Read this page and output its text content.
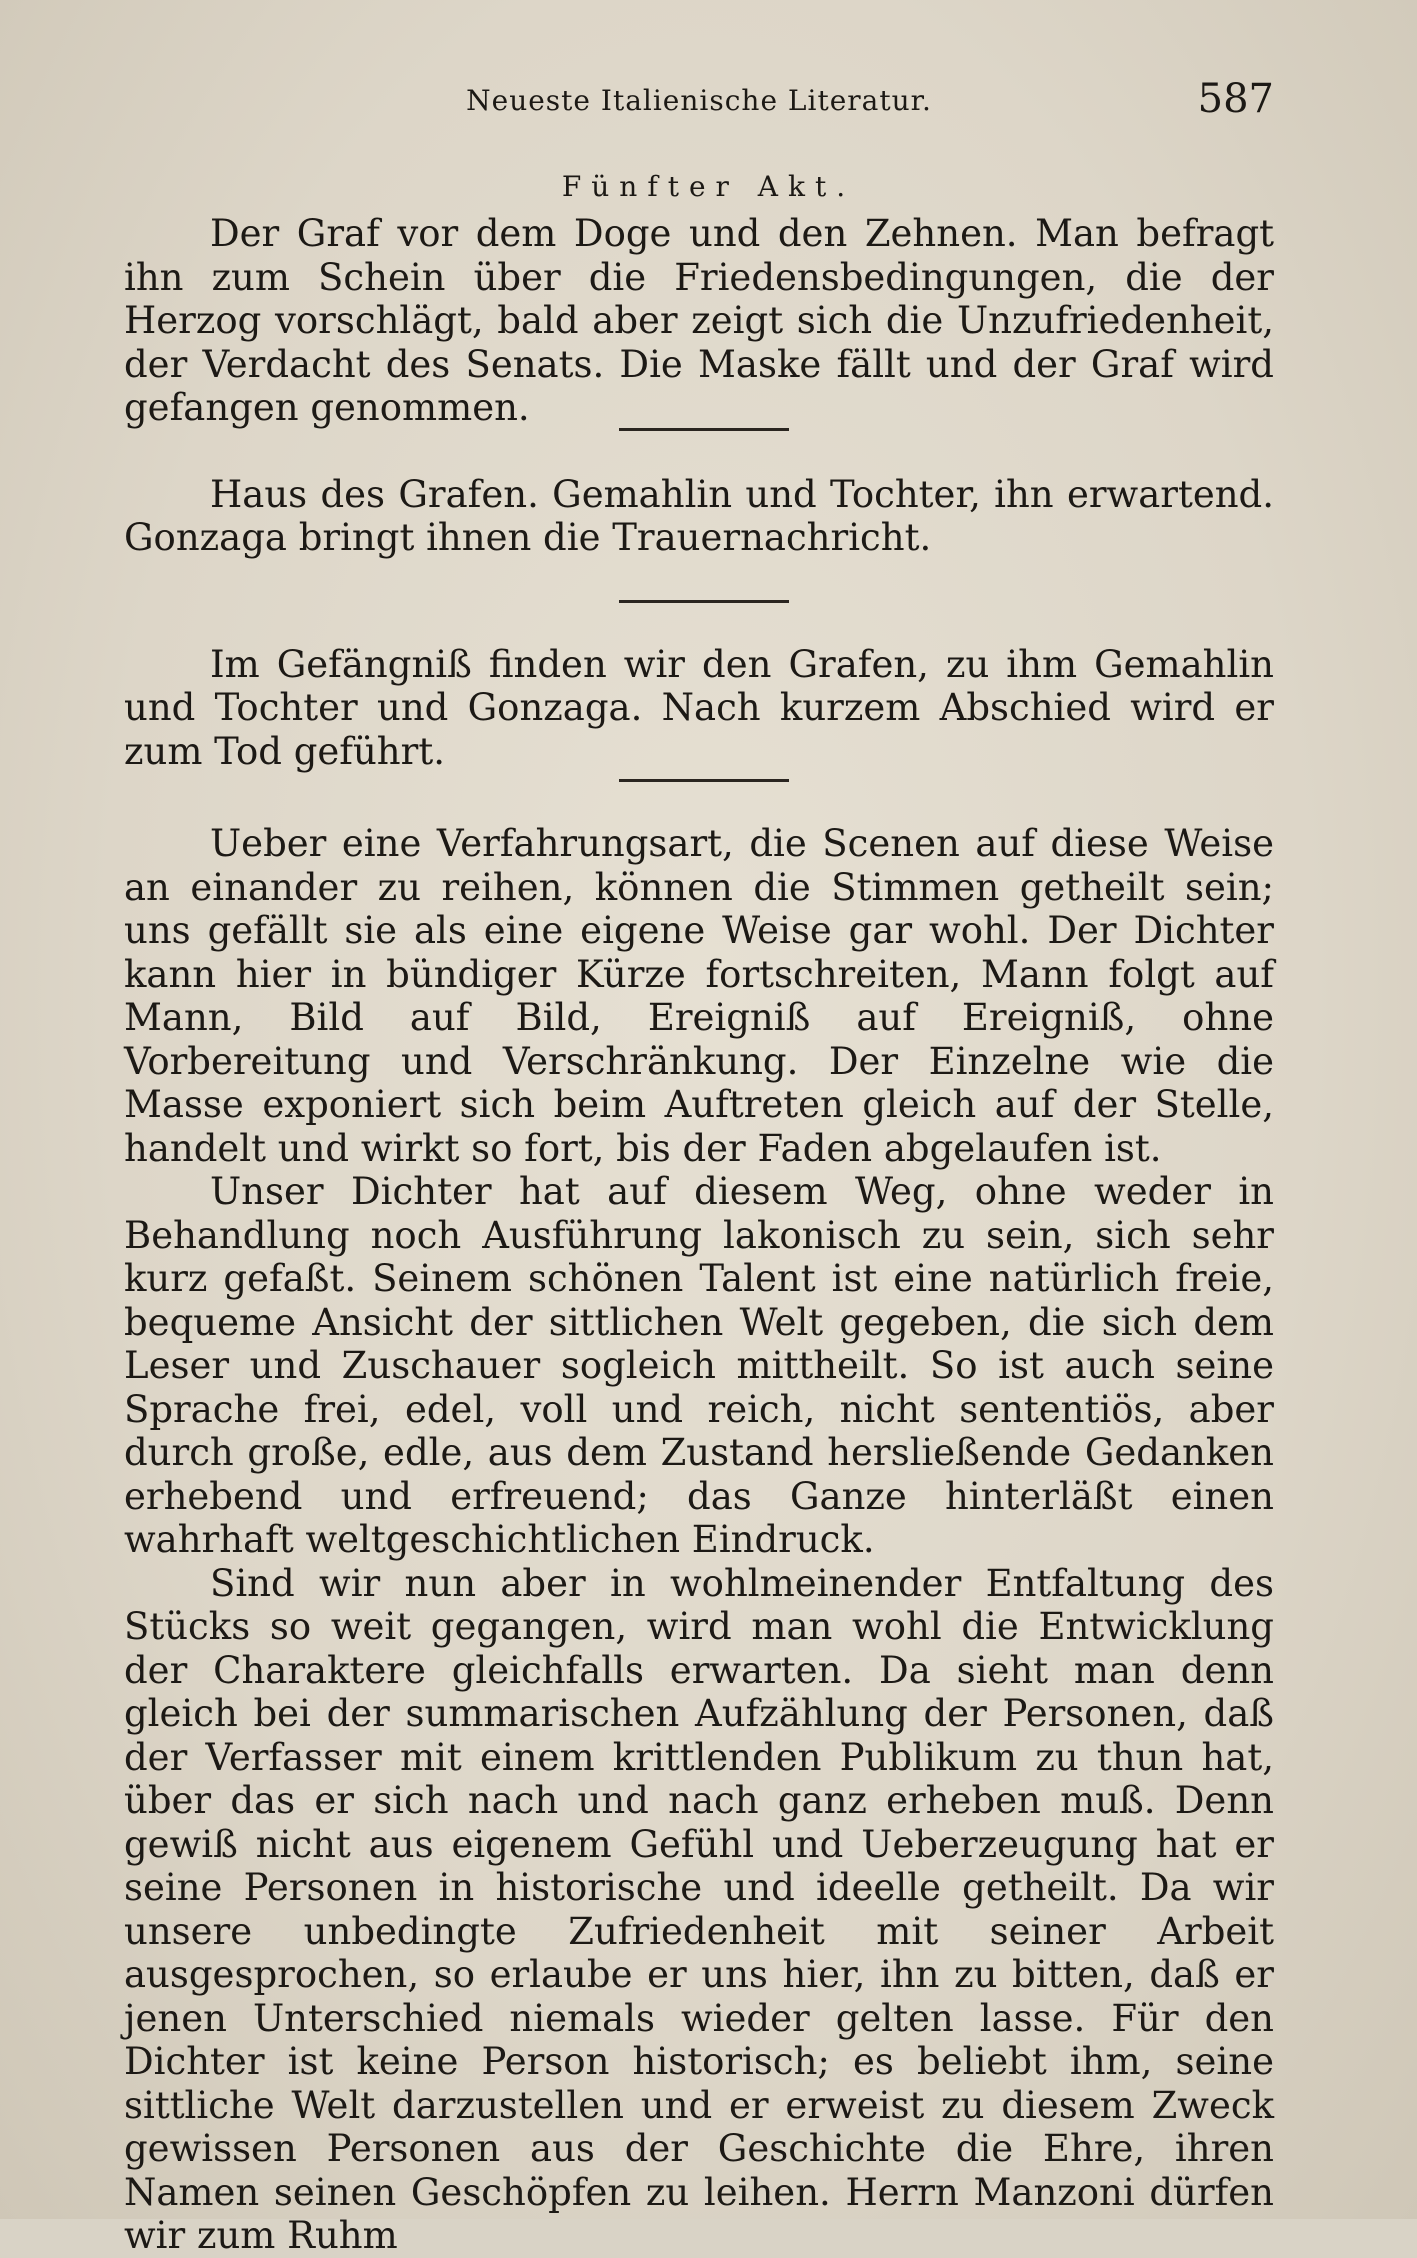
Neueste Italienische Literatur.	587
Fünfter Akt.

Der Graf vor dem Doge und den Zehnen. Man befragt ihn zum Schein über die Friedensbedingungen, die der Herzog vorschlägt, bald aber zeigt sich die Unzufriedenheit, der Verdacht des Senats. Die Maske fällt und der Graf wird gefangen genommen.

Haus des Grafen. Gemahlin und Tochter, ihn erwartend. Gonzaga bringt ihnen die Trauernachricht.

Im Gefängniß finden wir den Grafen, zu ihm Gemahlin und Tochter und Gonzaga. Nach kurzem Abschied wird er zum Tod geführt.

Ueber eine Verfahrungsart, die Scenen auf diese Weise an einander zu reihen, können die Stimmen getheilt sein; uns gefällt sie als eine eigene Weise gar wohl. Der Dichter kann hier in bündiger Kürze fortschreiten, Mann folgt auf Mann, Bild auf Bild, Ereigniß auf Ereigniß, ohne Vorbereitung und Verschränkung. Der Einzelne wie die Masse exponiert sich beim Auftreten gleich auf der Stelle, handelt und wirkt so fort, bis der Faden abgelaufen ist.

Unser Dichter hat auf diesem Weg, ohne weder in Behandlung noch Ausführung lakonisch zu sein, sich sehr kurz gefaßt. Seinem schönen Talent ist eine natürlich freie, bequeme Ansicht der sittlichen Welt gegeben, die sich dem Leser und Zuschauer sogleich mittheilt. So ist auch seine Sprache frei, edel, voll und reich, nicht sententiös, aber durch große, edle, aus dem Zustand hersließende Gedanken erhebend und erfreuend; das Ganze hinterläßt einen wahrhaft weltgeschichtlichen Eindruck.

Sind wir nun aber in wohlmeinender Entfaltung des Stücks so weit gegangen, wird man wohl die Entwicklung der Charaktere gleichfalls erwarten. Da sieht man denn gleich bei der summarischen Aufzählung der Personen, daß der Verfasser mit einem krittlenden Publikum zu thun hat, über das er sich nach und nach ganz erheben muß. Denn gewiß nicht aus eigenem Gefühl und Ueberzeugung hat er seine Personen in historische und ideelle getheilt. Da wir unsere unbedingte Zufriedenheit mit seiner Arbeit ausgesprochen, so erlaube er uns hier, ihn zu bitten, daß er jenen Unterschied niemals wieder gelten lasse. Für den Dichter ist keine Person historisch; es beliebt ihm, seine sittliche Welt darzustellen und er erweist zu diesem Zweck gewissen Personen aus der Geschichte die Ehre, ihren Namen seinen Geschöpfen zu leihen. Herrn Manzoni dürfen wir zum Ruhm
